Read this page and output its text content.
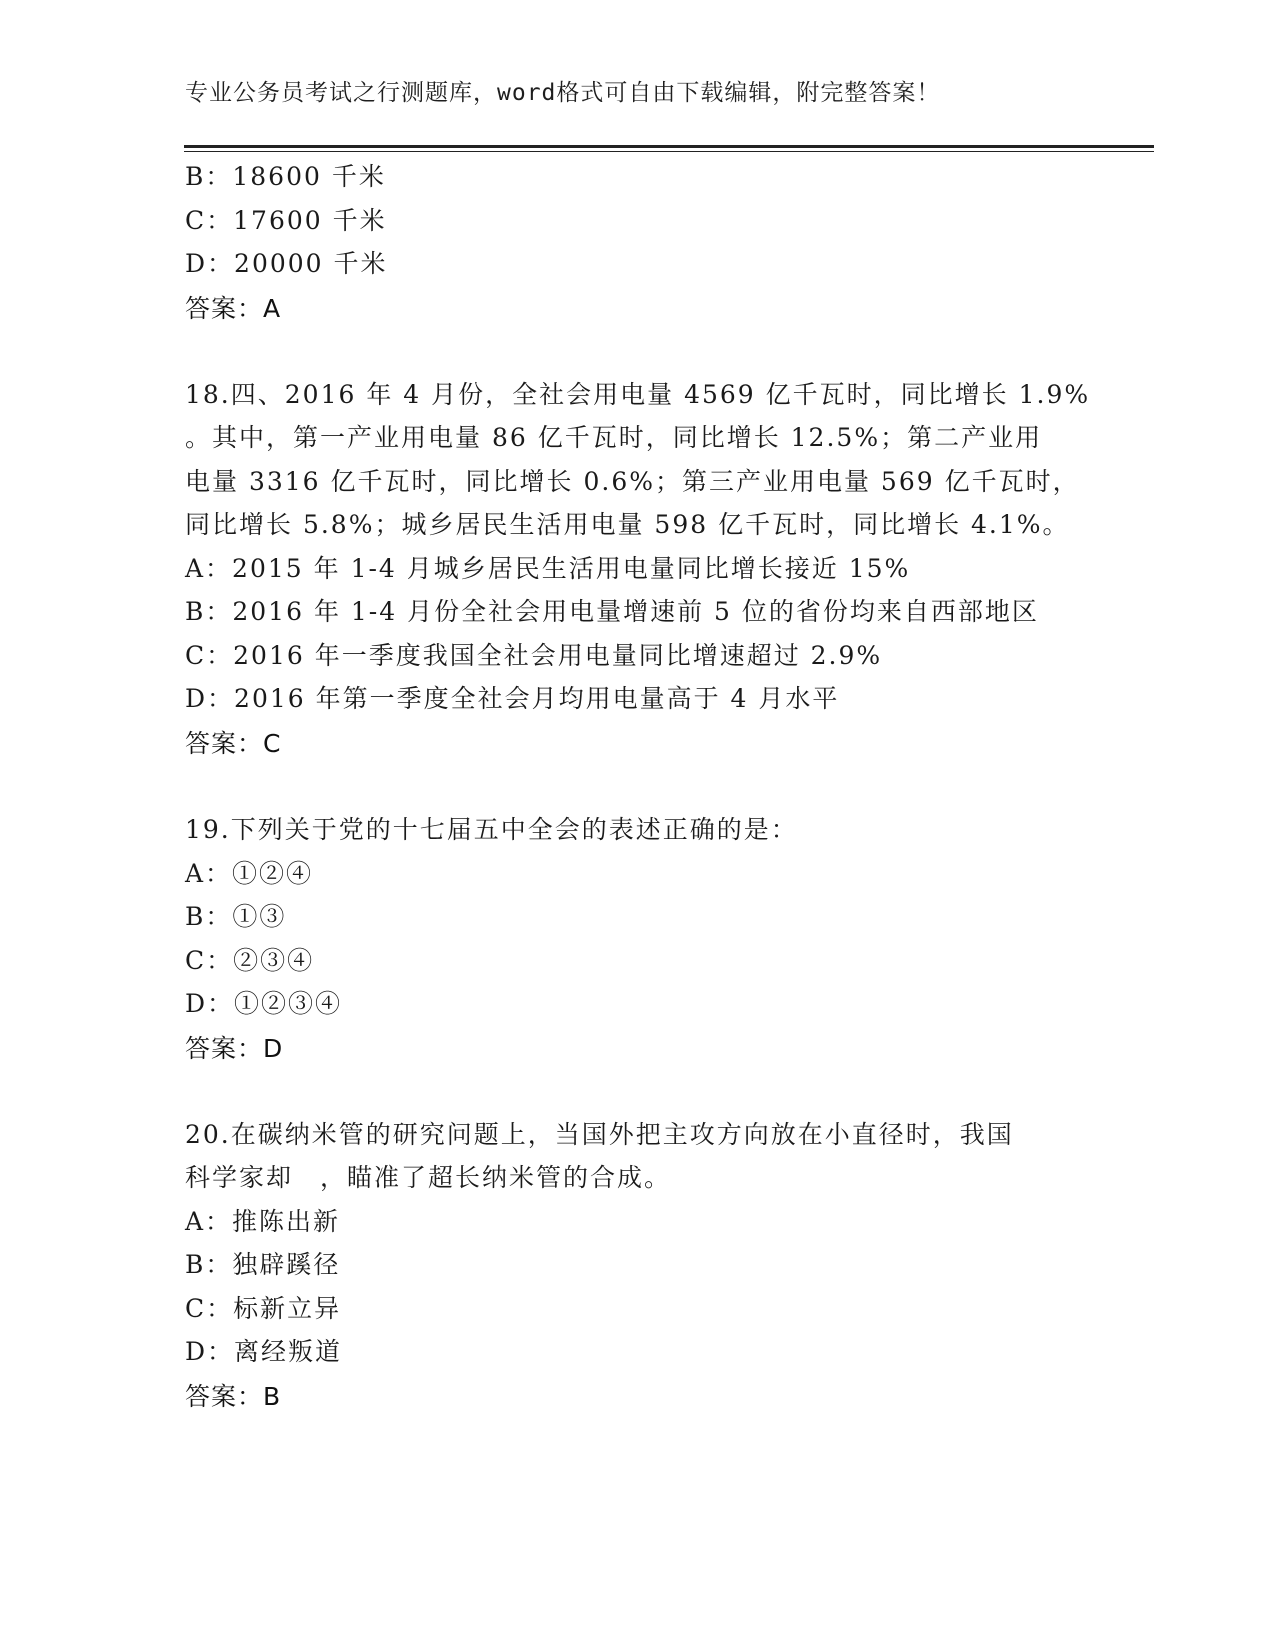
专业公务员考试之行测题库，word格式可自由下载编辑，附完整答案！
B：18600 千米
C：17600 千米
D：20000 千米
答案：A
18.四、2016 年 4 月份，全社会用电量 4569 亿千瓦时，同比增长 1.9%
。其中，第一产业用电量 86 亿千瓦时，同比增长 12.5%；第二产业用
电量 3316 亿千瓦时，同比增长 0.6%；第三产业用电量 569 亿千瓦时，
同比增长 5.8%；城乡居民生活用电量 598 亿千瓦时，同比增长 4.1%。
A：2015 年 1-4 月城乡居民生活用电量同比增长接近 15%
B：2016 年 1-4 月份全社会用电量增速前 5 位的省份均来自西部地区
C：2016 年一季度我国全社会用电量同比增速超过 2.9%
D：2016 年第一季度全社会月均用电量高于 4 月水平
答案：C
19.下列关于党的十七届五中全会的表述正确的是：
A：①②④
B：①③
C：②③④
D：①②③④
答案：D
20.在碳纳米管的研究问题上，当国外把主攻方向放在小直径时，我国
科学家却　，瞄准了超长纳米管的合成。
A：推陈出新
B：独辟蹊径
C：标新立异
D：离经叛道
答案：B
